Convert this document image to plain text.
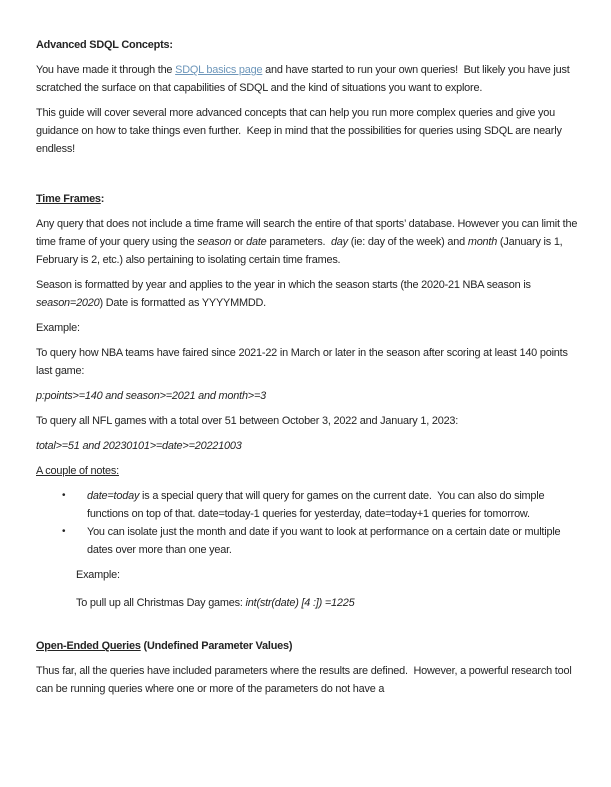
Advanced SDQL Concepts:

You have made it through the SDQL basics page and have started to run your own queries!  But likely you have just scratched the surface on that capabilities of SDQL and the kind of situations you want to explore.

This guide will cover several more advanced concepts that can help you run more complex queries and give you guidance on how to take things even further.  Keep in mind that the possibilities for queries using SDQL are nearly endless!

Time Frames:

Any query that does not include a time frame will search the entire of that sports’ database. However you can limit the time frame of your query using the season or date parameters.  day (ie: day of the week) and month (January is 1, February is 2, etc.) also pertaining to isolating certain time frames.

Season is formatted by year and applies to the year in which the season starts (the 2020-21 NBA season is season=2020) Date is formatted as YYYYMMDD.

Example:

To query how NBA teams have faired since 2021-22 in March or later in the season after scoring at least 140 points last game:

p:points>=140 and season>=2021 and month>=3

To query all NFL games with a total over 51 between October 3, 2022 and January 1, 2023:

total>=51 and 20230101>=date>=20221003

A couple of notes:

• date=today is a special query that will query for games on the current date.  You can also do simple functions on top of that. date=today-1 queries for yesterday, date=today+1 queries for tomorrow.
• You can isolate just the month and date if you want to look at performance on a certain date or multiple dates over more than one year.

Example:

To pull up all Christmas Day games: int(str(date) [4 :]) =1225

Open-Ended Queries (Undefined Parameter Values)

Thus far, all the queries have included parameters where the results are defined.  However, a powerful research tool can be running queries where one or more of the parameters do not have a
